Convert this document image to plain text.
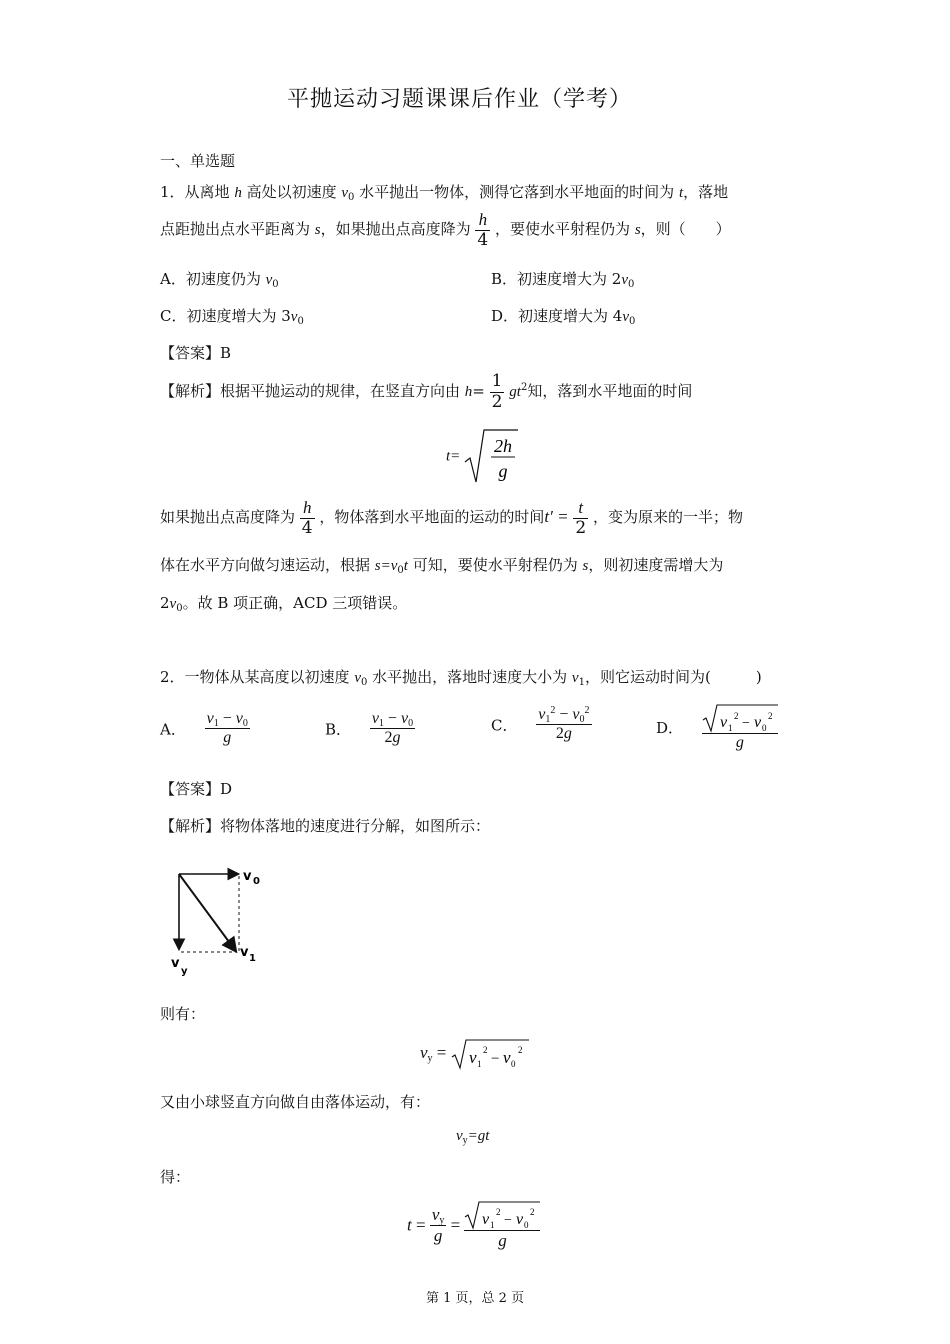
平抛运动习题课课后作业（学考）
一、单选题
1．从离地 h 高处以初速度 $v_0$ 水平抛出一物体，测得它落到水平地面的时间为 t，落地
点距抛出点水平距离为 s，如果抛出点高度降为 $\frac{h}{4}$ ，要使水平射程仍为 s，则（　　）
A．初速度仍为 $v_0$	B．初速度增大为 $2v_0$
C．初速度增大为 $3v_0$	D．初速度增大为 $4v_0$
【答案】B
【解析】根据平抛运动的规律，在竖直方向由 $h= \frac{1}{2} gt^2$知，落到水平地面的时间
t=
2h
g
如果抛出点高度降为 $\frac{h}{4}$ ，物体落到水平地面的运动的时间$t' = \frac{t}{2}$ ，变为原来的一半；物
体在水平方向做匀速运动，根据 $s=v_0t$ 可知，要使水平射程仍为 s，则初速度需增大为
$2v_0$。故 B 项正确，ACD 三项错误。
2．一物体从某高度以初速度 $v_0$ 水平抛出，落地时速度大小为 $v_1$，则它运动时间为(　　　)
A． $\frac{v_1 - v_0}{g}$	B． $\frac{v_1 - v_0}{2g}$	C． $\frac{v_1^2 - v_0^2}{2g}$	D． v 1
2 − v 0
2
g
【答案】D
【解析】将物体落地的速度进行分解，如图所示：
v 0
v 1
v
y
则有：
$v_y = v$ 1
2
− v 0
2
又由小球竖直方向做自由落体运动，有：
$v_y=gt$
得：
$t = \frac{v_y}{g} = v$ 1
2
− v 0
2
g
第 1 页，总 2 页
